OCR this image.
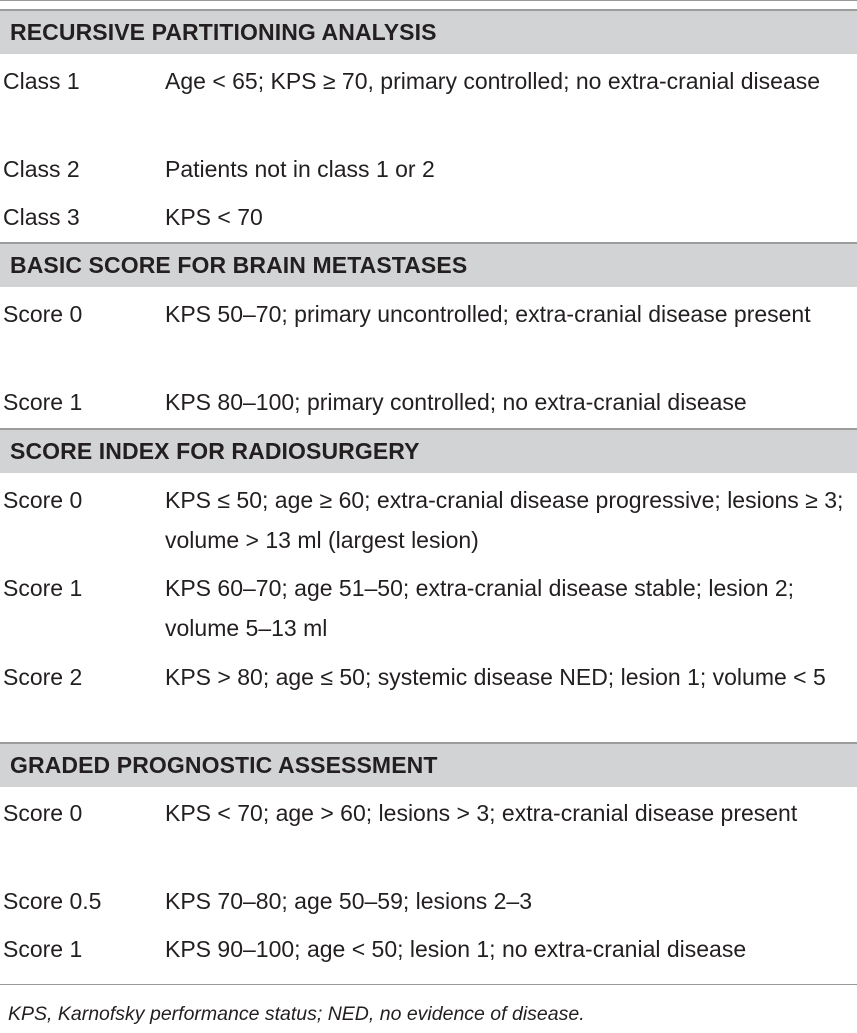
RECURSIVE PARTITIONING ANALYSIS
Class 1	Age < 65; KPS ≥ 70, primary controlled; no extra-cranial disease
Class 2	Patients not in class 1 or 2
Class 3	KPS < 70
BASIC SCORE FOR BRAIN METASTASES
Score 0	KPS 50–70; primary uncontrolled; extra-cranial disease present
Score 1	KPS 80–100; primary controlled; no extra-cranial disease
SCORE INDEX FOR RADIOSURGERY
Score 0	KPS ≤ 50; age ≥ 60; extra-cranial disease progressive; lesions ≥ 3; volume > 13 ml (largest lesion)
Score 1	KPS 60–70; age 51–50; extra-cranial disease stable; lesion 2; volume 5–13 ml
Score 2	KPS > 80; age ≤ 50; systemic disease NED; lesion 1; volume < 5
GRADED PROGNOSTIC ASSESSMENT
Score 0	KPS < 70; age > 60; lesions > 3; extra-cranial disease present
Score 0.5	KPS 70–80; age 50–59; lesions 2–3
Score 1	KPS 90–100; age < 50; lesion 1; no extra-cranial disease
KPS, Karnofsky performance status; NED, no evidence of disease.
